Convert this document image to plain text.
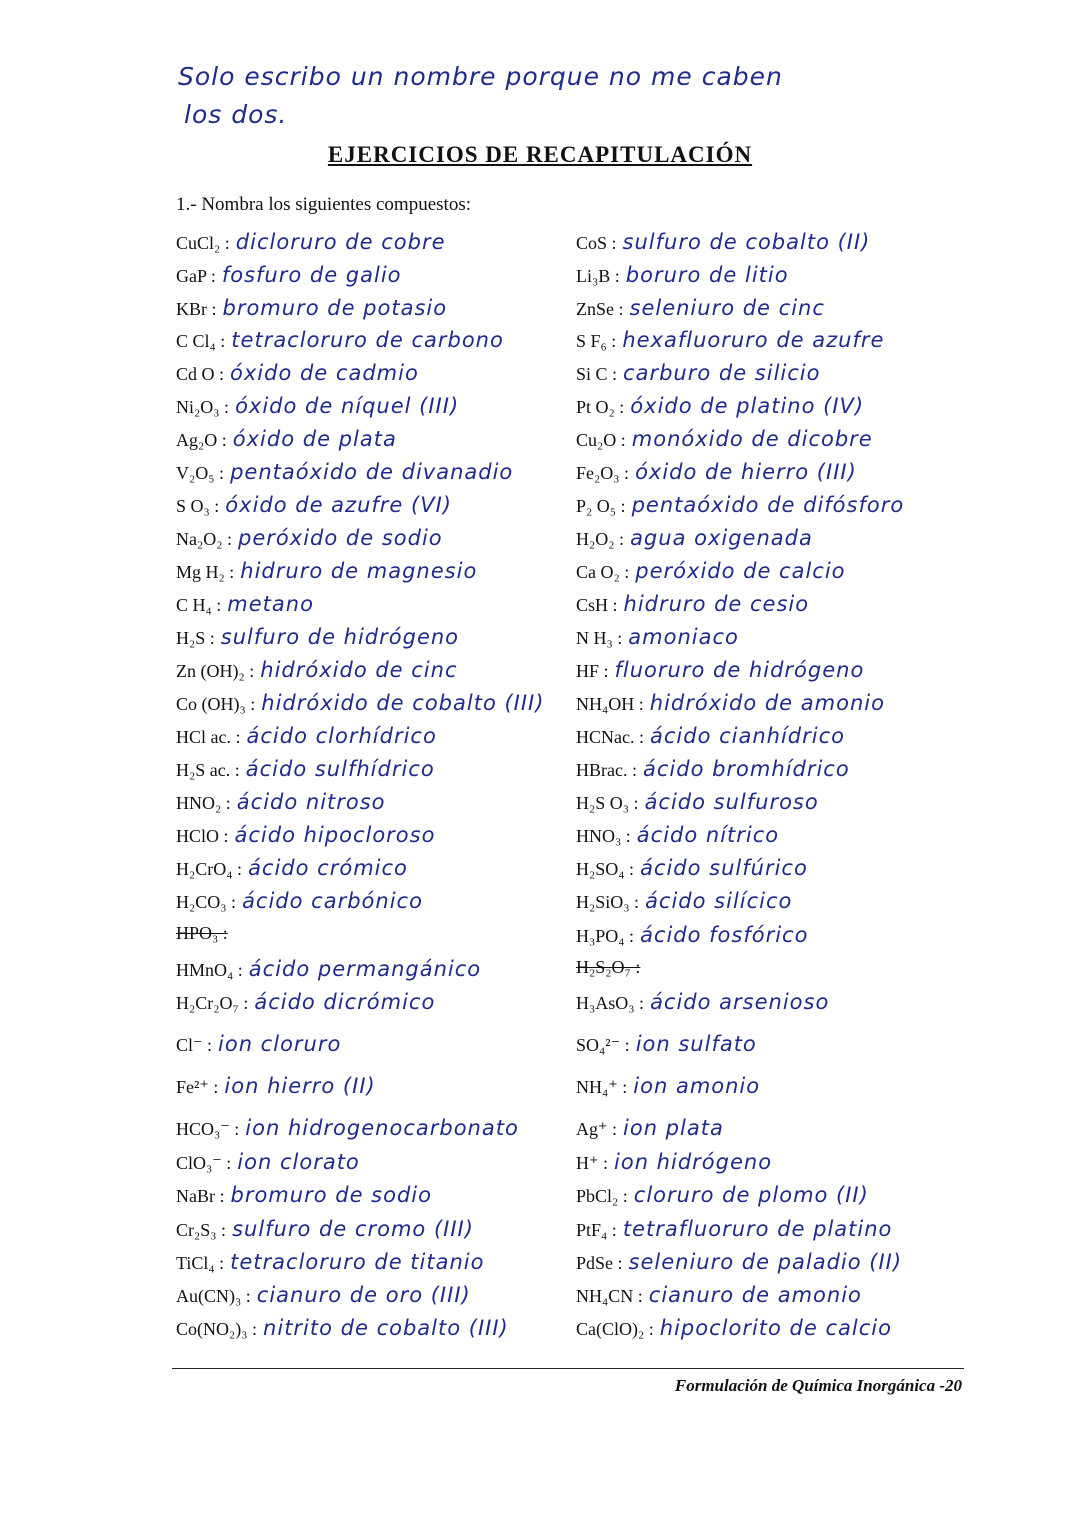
Solo escribo un nombre porque no me caben
los dos.
EJERCICIOS DE RECAPITULACIÓN
1.- Nombra los siguientes compuestos:
CuCl₂ : dicloruro de cobre
GaP : fosfuro de galio
KBr : bromuro de potasio
C Cl₄ : tetracloruro de carbono
Cd O : óxido de cadmio
Ni₂O₃ : óxido de níquel (III)
Ag₂O : óxido de plata
V₂O₅ : pentaóxido de divanadio
S O₃ : óxido de azufre (VI)
Na₂O₂ : peróxido de sodio
Mg H₂ : hidruro de magnesio
C H₄ : metano
H₂S : sulfuro de hidrógeno
Zn (OH)₂ : hidróxido de cinc
Co (OH)₃ : hidróxido de cobalto (III)
HCl ac. : ácido clorhídrico
H₂S ac. : ácido sulfhídrico
HNO₂ : ácido nitroso
HClO : ácido hipocloroso
H₂CrO₄ : ácido crómico
H₂CO₃ : ácido carbónico
HPO₃ :
HMnO₄ : ácido permangánico
H₂Cr₂O₇ : ácido dicrómico
Cl⁻ : ion cloruro
Fe²⁺ : ion hierro (II)
HCO₃⁻ : ion hidrogenocarbonato
ClO₃⁻ : ion clorato
NaBr : bromuro de sodio
Cr₂S₃ : sulfuro de cromo (III)
TiCl₄ : tetracloruro de titanio
Au(CN)₃ : cianuro de oro (III)
Co(NO₂)₃ : nitrito de cobalto (III)
CoS : sulfuro de cobalto (II)
Li₃B : boruro de litio
ZnSe : seleniuro de cinc
S F₆ : hexafluoruro de azufre
Si C : carburo de silicio
Pt O₂ : óxido de platino (IV)
Cu₂O : monóxido de dicobre
Fe₂O₃ : óxido de hierro (III)
P₂ O₅ : pentaóxido de difósforo
H₂O₂ : agua oxigenada
Ca O₂ : peróxido de calcio
CsH : hidruro de cesio
N H₃ : amoniaco
HF : fluoruro de hidrógeno
NH₄OH : hidróxido de amonio
HCNac. : ácido cianhídrico
HBrac. : ácido bromhídrico
H₂S O₃ : ácido sulfuroso
HNO₃ : ácido nítrico
H₂SO₄ : ácido sulfúrico
H₂SiO₃ : ácido silícico
H₃PO₄ : ácido fosfórico
H₂S₂O₇ :
H₃AsO₃ : ácido arsenioso
SO₄²⁻ : ion sulfato
NH₄⁺ : ion amonio
Ag⁺ : ion plata
H⁺ : ion hidrógeno
PbCl₂ : cloruro de plomo (II)
PtF₄ : tetrafluoruro de platino
PdSe : seleniuro de paladio (II)
NH₄CN : cianuro de amonio
Ca(ClO)₂ : hipoclorito de calcio
Formulación de Química Inorgánica -20
